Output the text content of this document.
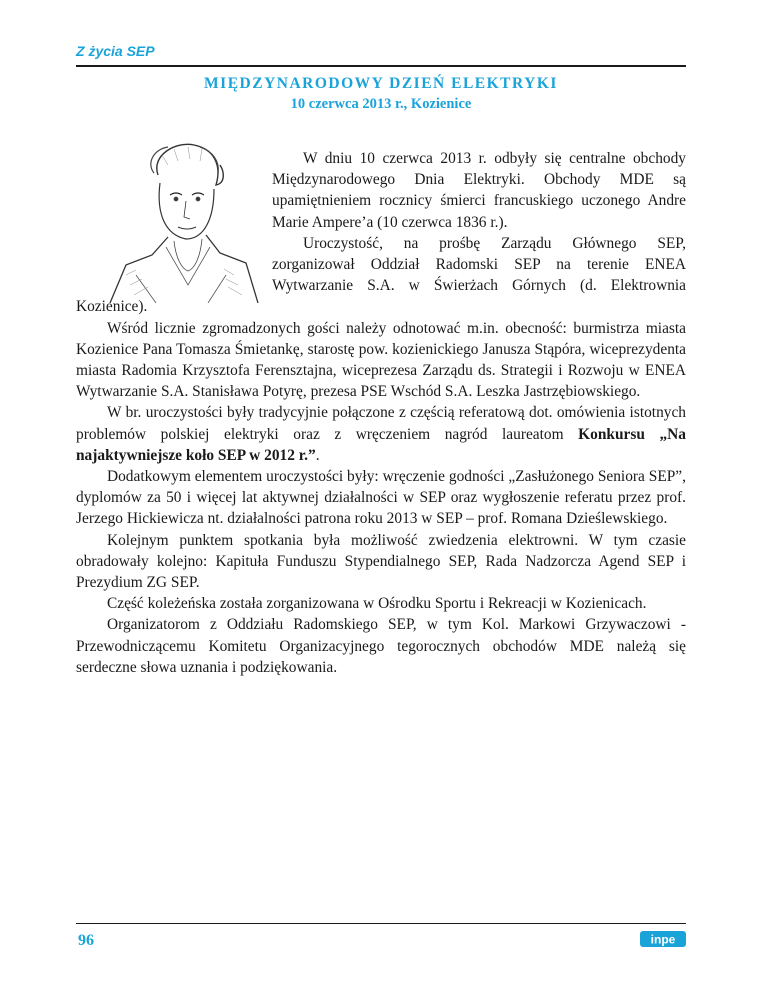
Z życia SEP
MIĘDZYNARODOWY DZIEŃ ELEKTRYKI
10 czerwca 2013 r., Kozienice

W dniu 10 czerwca 2013 r. odbyły się centralne obchody Międzynarodowego Dnia Elektryki. Obchody MDE są upamiętnieniem rocznicy śmierci francuskiego uczonego Andre Marie Ampere’a (10 czerwca 1836 r.).

Uroczystość, na prośbę Zarządu Głównego SEP, zorganizował Oddział Radomski SEP na terenie ENEA Wytwarzanie S.A. w Świerżach Górnych (d. Elektrownia Kozienice).

Wśród licznie zgromadzonych gości należy odnotować m.in. obecność: burmistrza miasta Kozienice Pana Tomasza Śmietankę, starostę pow. kozienickiego Janusza Stąpóra, wiceprezydenta miasta Radomia Krzysztofa Ferensztajna, wiceprezesa Zarządu ds. Strategii i Rozwoju w ENEA Wytwarzanie S.A. Stanisława Potyrę, prezesa PSE Wschód S.A. Leszka Jastrzębiowskiego.

W br. uroczystości były tradycyjnie połączone z częścią referatową dot. omówienia istotnych problemów polskiej elektryki oraz z wręczeniem nagród laureatom Konkursu „Na najaktywniejsze koło SEP w 2012 r.”.

Dodatkowym elementem uroczystości były: wręczenie godności „Zasłużonego Seniora SEP”, dyplomów za 50 i więcej lat aktywnej działalności w SEP oraz wygłoszenie referatu przez prof. Jerzego Hickiewicza nt. działalności patrona roku 2013 w SEP – prof. Romana Dzieślewskiego.

Kolejnym punktem spotkania była możliwość zwiedzenia elektrowni. W tym czasie obradowały kolejno: Kapituła Funduszu Stypendialnego SEP, Rada Nadzorcza Agend SEP i Prezydium ZG SEP.

Część koleżeńska została zorganizowana w Ośrodku Sportu i Rekreacji w Kozienicach.

Organizatorom z Oddziału Radomskiego SEP, w tym Kol. Markowi Grzywaczowi - Przewodniczącemu Komitetu Organizacyjnego tegorocznych obchodów MDE należą się serdeczne słowa uznania i podziękowania.

96	inpe
